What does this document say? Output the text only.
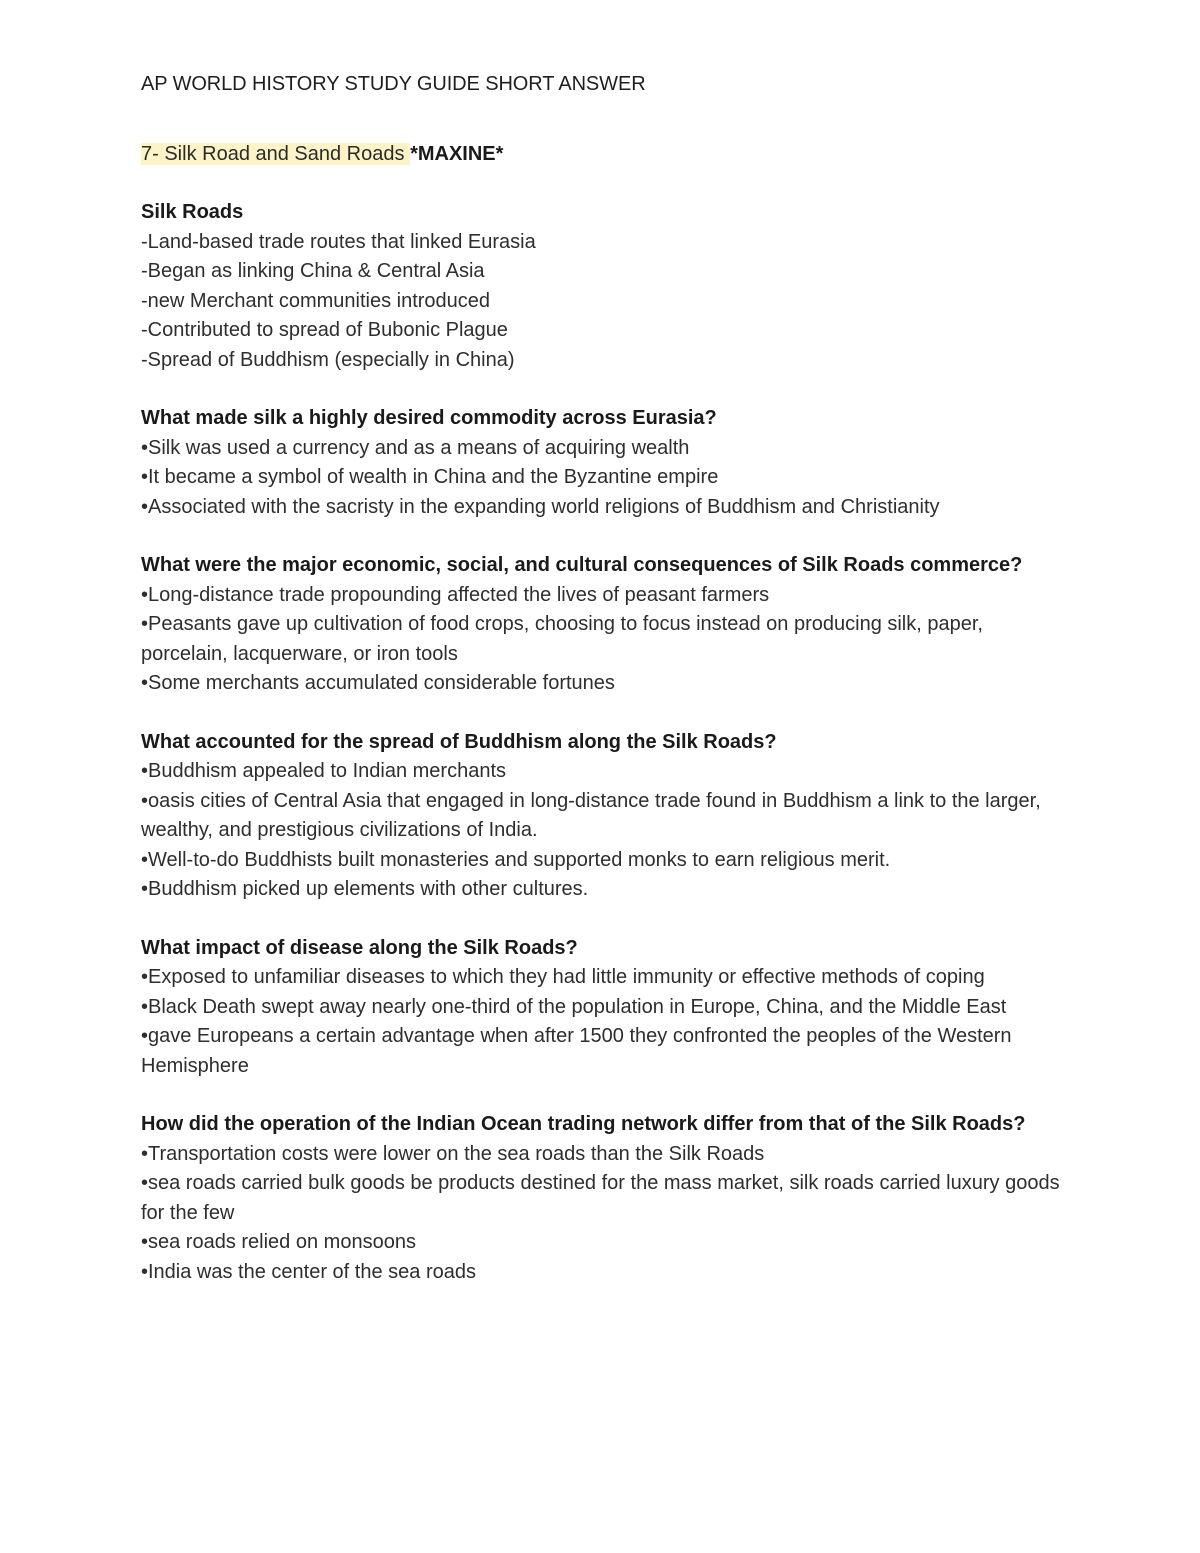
AP WORLD HISTORY STUDY GUIDE SHORT ANSWER

7- Silk Road and Sand Roads *MAXINE*

Silk Roads

-Land-based trade routes that linked Eurasia

-Began as linking China & Central Asia

-new Merchant communities introduced

-Contributed to spread of Bubonic Plague

-Spread of Buddhism (especially in China)

What made silk a highly desired commodity across Eurasia?

•Silk was used a currency and as a means of acquiring wealth

•It became a symbol of wealth in China and the Byzantine empire

•Associated with the sacristy in the expanding world religions of Buddhism and Christianity

What were the major economic, social, and cultural consequences of Silk Roads commerce?

•Long-distance trade propounding affected the lives of peasant farmers

•Peasants gave up cultivation of food crops, choosing to focus instead on producing silk, paper, porcelain, lacquerware, or iron tools

•Some merchants accumulated considerable fortunes

What accounted for the spread of Buddhism along the Silk Roads?

•Buddhism appealed to Indian merchants

•oasis cities of Central Asia that engaged in long-distance trade found in Buddhism a link to the larger, wealthy, and prestigious civilizations of India.

•Well-to-do Buddhists built monasteries and supported monks to earn religious merit.

•Buddhism picked up elements with other cultures.

What impact of disease along the Silk Roads?

•Exposed to unfamiliar diseases to which they had little immunity or effective methods of coping

•Black Death swept away nearly one-third of the population in Europe, China, and the Middle East

•gave Europeans a certain advantage when after 1500 they confronted the peoples of the Western Hemisphere

How did the operation of the Indian Ocean trading network differ from that of the Silk Roads?

•Transportation costs were lower on the sea roads than the Silk Roads

•sea roads carried bulk goods be products destined for the mass market, silk roads carried luxury goods for the few

•sea roads relied on monsoons

•India was the center of the sea roads
